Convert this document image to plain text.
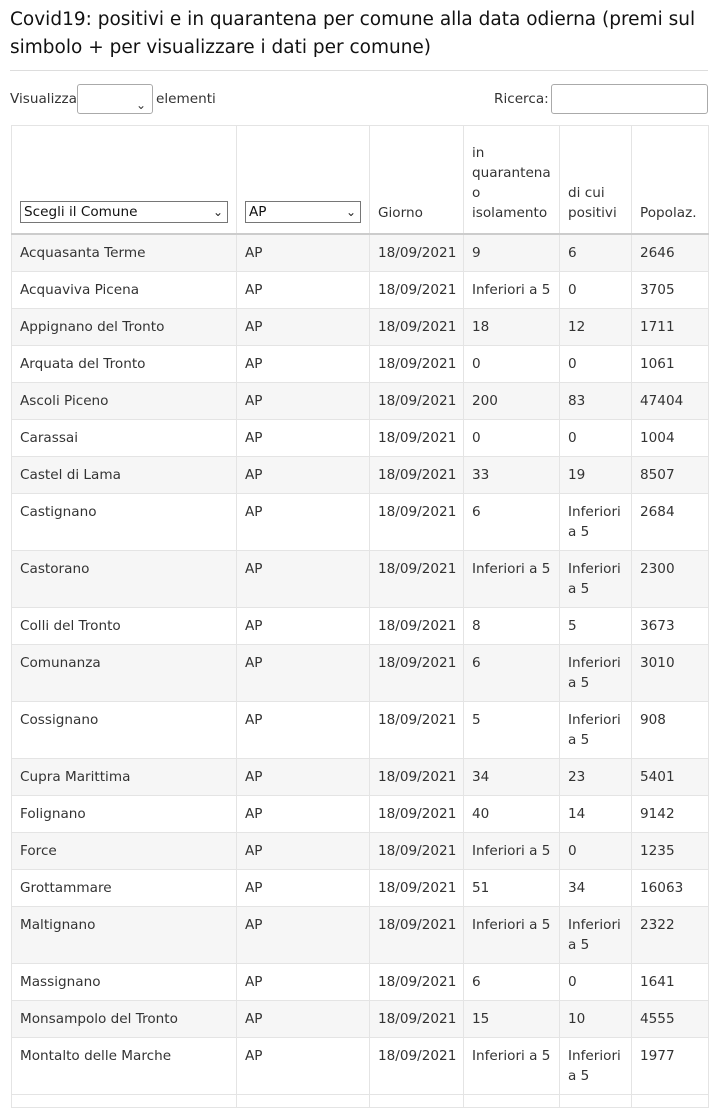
Covid19: positivi e in quarantena per comune alla data odierna (premi sul simbolo + per visualizzare i dati per comune)
Visualizza	⌄ elementi	Ricerca:
Scegli il Comune ⌄	AP ⌄	Giorno	in quarantena o isolamento	di cui positivi	Popolaz.
Acquasanta Terme	AP	18/09/2021	9	6	2646
Acquaviva Picena	AP	18/09/2021	Inferiori a 5	0	3705
Appignano del Tronto	AP	18/09/2021	18	12	1711
Arquata del Tronto	AP	18/09/2021	0	0	1061
Ascoli Piceno	AP	18/09/2021	200	83	47404
Carassai	AP	18/09/2021	0	0	1004
Castel di Lama	AP	18/09/2021	33	19	8507
Castignano	AP	18/09/2021	6	Inferiori a 5	2684
Castorano	AP	18/09/2021	Inferiori a 5	Inferiori a 5	2300
Colli del Tronto	AP	18/09/2021	8	5	3673
Comunanza	AP	18/09/2021	6	Inferiori a 5	3010
Cossignano	AP	18/09/2021	5	Inferiori a 5	908
Cupra Marittima	AP	18/09/2021	34	23	5401
Folignano	AP	18/09/2021	40	14	9142
Force	AP	18/09/2021	Inferiori a 5	0	1235
Grottammare	AP	18/09/2021	51	34	16063
Maltignano	AP	18/09/2021	Inferiori a 5	Inferiori a 5	2322
Massignano	AP	18/09/2021	6	0	1641
Monsampolo del Tronto	AP	18/09/2021	15	10	4555
Montalto delle Marche	AP	18/09/2021	Inferiori a 5	Inferiori a 5	1977
